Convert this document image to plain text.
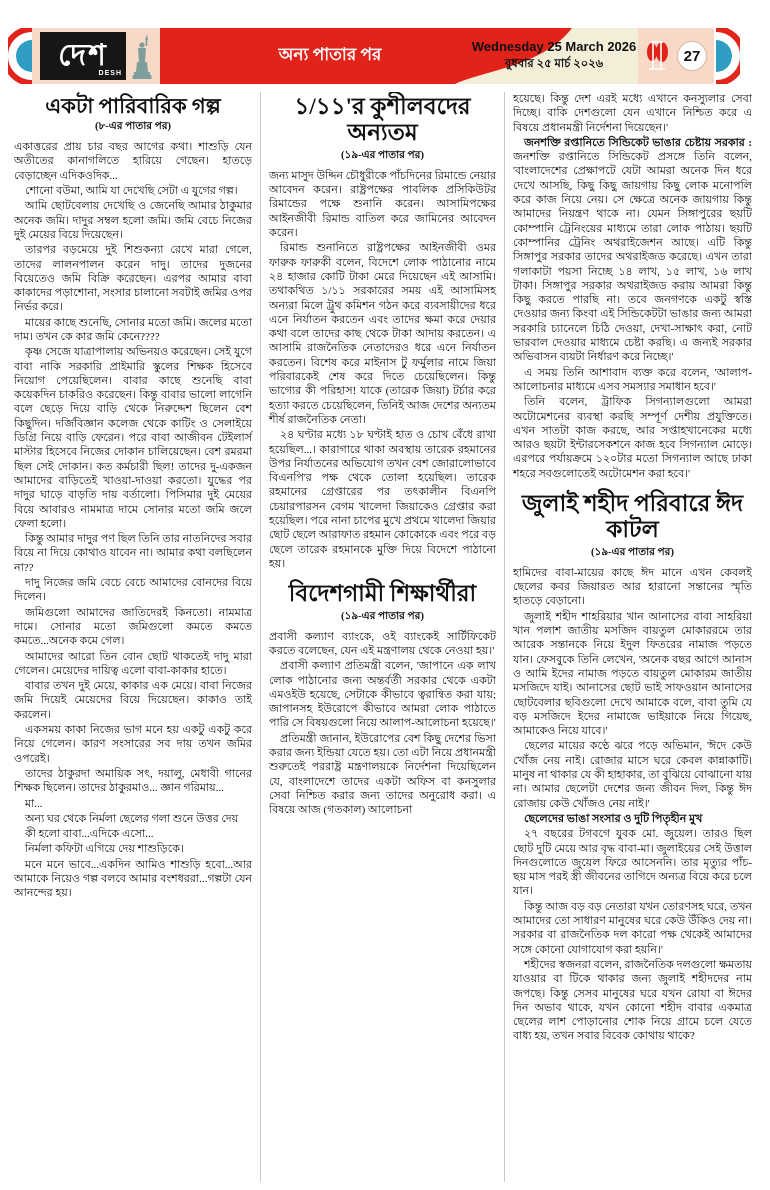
দেশ
DESH
অন্য পাতার পর	Wednesday 25 March 2026
বুধবার ২৫ মার্চ ২০২৬	27
একটা পারিবারিক গল্প
(৮-এর পাতার পর)

একাত্তরের প্রায় চার বছর আগের কথা। শাশুড়ি যেন অতীতের কানাগলিতে হারিয়ে গেছেন। হাতড়ে বেড়াচ্ছেন এদিকওদিক...

শোনো বউমা, আমি যা দেখেছি সেটা এ যুগের গল্প।

আমি ছোটবেলায় দেখেছি ও জেনেছি আমার ঠাকুমার অনেক জমি। দাদুর সম্বল হলো জমি। জমি বেচে নিজের দুই মেয়ের বিয়ে দিয়েছেন।

তারপর বড়মেয়ে দুই শিশুকন্যা রেখে মারা গেলে, তাদের লালনপালন করেন দাদু। তাদের দুজনের বিয়েতেও জমি বিক্রি করেছেন। এরপর আমার বাবা কাকাদের পড়াশোনা, সংসার চালানো সবটাই জমির ওপর নির্ভর করে।

মায়ের কাছে শুনেছি, সোনার মতো জমি। জলের মতো দাম। তখন কে কার জমি কেনে????

কৃষ্ণ সেজে যাত্রাপালায় অভিনয়ও করেছেন। সেই যুগে বাবা নাকি সরকারি প্রাইমারি স্কুলের শিক্ষক হিসেবে নিয়োগ পেয়েছিলেন। বাবার কাছে শুনেছি বাবা কয়েকদিন চাকরিও করেছেন। কিন্তু বাবার ভালো লাগেনি বলে ছেড়ে দিয়ে বাড়ি থেকে নিরুদ্দেশ ছিলেন বেশ কিছুদিন। দর্জিবিজ্ঞান কলেজ থেকে কাটিং ও সেলাইয়ে ডিগ্রি নিয়ে বাড়ি ফেরেন। পরে বাবা আজীবন টেইলার্স মাস্টার হিসেবে নিজের দোকান চালিয়েছেন। বেশ রমরমা ছিল সেই দোকান। কত কর্মচারী ছিল! তাদের দু-একজন আমাদের বাড়িতেই খাওয়া-দাওয়া করতো। যুদ্ধের পর দাদুর ঘাড়ে বাড়তি দায় বর্তালো। পিসিমার দুই মেয়ের বিয়ে আবারও নামমাত্র দামে সোনার মতো জমি জলে ফেলা হলো।

কিন্তু আমার দাদুর পণ ছিল তিনি তার নাতনিদের সবার বিয়ে না দিয়ে কোথাও যাবেন না। আমার কথা বলছিলেন না??

দাদু নিজের জমি বেচে বেচে আমাদের বোনদের বিয়ে দিলেন।

জমিগুলো আমাদের জাতিদেরই কিনতো। নামমাত্র দামে। সোনার মতো জমিগুলো কমতে কমতে কমতে...অনেক কমে গেল।

আমাদের আরো তিন বোন ছোট থাকতেই দাদু মারা গেলেন। মেয়েদের দায়িত্ব এলো বাবা-কাকার হাতে।

বাবার তখন দুই মেয়ে, কাকার এক মেয়ে। বাবা নিজের জমি দিয়েই মেয়েদের বিয়ে দিয়েছেন। কাকাও তাই করলেন।

একসময় কাকা নিজের ভাগ মনে হয় একটু একটু করে নিয়ে গেলেন। কারণ সংসারের সব দায় তখন জমির ওপরেই।

তাদের ঠাকুরদা অমায়িক সৎ, দয়ালু, মেধাবী গানের শিক্ষক ছিলেন। তাদের ঠাকুরমাও... জ্ঞান গরিমায়...

মা...

অন্য ঘর থেকে নির্মলা ছেলের গলা শুনে উত্তর দেয়

কী হলো বাবা...এদিকে এসো...

নির্মলা কফিটা এগিয়ে দেয় শাশুড়িকে।

মনে মনে ভাবে...একদিন আমিও শাশুড়ি হবো...আর আমাকে নিয়েও গল্প বলবে আমার বংশধররা...গল্পটা যেন আনন্দের হয়।

১/১১'র কুশীলবদের অন্যতম
(১৯-এর পাতার পর)

জন্য মাসুদ উদ্দিন চৌধুরীকে পাঁচদিনের রিমান্ডে নেয়ার আবেদন করেন। রাষ্ট্রপক্ষের পাবলিক প্রসিকিউটর রিমান্ডের পক্ষে শুনানি করেন। আসামিপক্ষের আইনজীবী রিমান্ড বাতিল করে জামিনের আবেদন করেন।

রিমান্ড শুনানিতে রাষ্ট্রপক্ষের আইনজীবী ওমর ফারুক ফারুকী বলেন, বিদেশে লোক পাঠানোর নামে ২৪ হাজার কোটি টাকা মেরে দিয়েছেন এই আসামি। তথাকথিত ১/১১ সরকারের সময় এই আসামিসহ অন্যরা মিলে ট্রুথ কমিশন গঠন করে ব্যবসায়ীদের ধরে এনে নির্যাতন করতেন এবং তাদের ক্ষমা করে দেয়ার কথা বলে তাদের কাছ থেকে টাকা আদায় করতেন। এ আসামি রাজনৈতিক নেতাদেরও ধরে এনে নির্যাতন করতেন। বিশেষ করে মাইনাস টু ফর্মুলার নামে জিয়া পরিবারকেই শেষ করে দিতে চেয়েছিলেন। কিন্তু ভাগ্যের কী পরিহাস! যাকে (তারেক জিয়া) টর্চার করে হত্যা করতে চেয়েছিলেন, তিনিই আজ দেশের অন্যতম শীর্ষ রাজনৈতিক নেতা।

২৪ ঘণ্টার মধ্যে ১৮ ঘণ্টাই হাত ও চোখ বেঁধে রাখা হয়েছিল...। কারাগারে থাকা অবস্থায় তারেক রহমানের উপর নির্যাতনের অভিযোগ তখন বেশ জোরালোভাবে বিএনপি'র পক্ষ থেকে তোলা হয়েছিল। তারেক রহমানের গ্রেপ্তারের পর তৎকালীন বিএনপি চেয়ারপারসন বেগম খালেদা জিয়াকেও গ্রেপ্তার করা হয়েছিল। পরে নানা চাপের মুখে প্রথমে খালেদা জিয়ার ছোট ছেলে আরাফাত রহমান কোকোকে এবং পরে বড় ছেলে তারেক রহমানকে মুক্তি দিয়ে বিদেশে পাঠানো হয়।

বিদেশগামী শিক্ষার্থীরা
(১৯-এর পাতার পর)

প্রবাসী কল্যাণ ব্যাংকে, ওই ব্যাংকেই সার্টিফিকেট করতে বলেছেন, যেন এই মন্ত্রণালয় থেকে নেওয়া হয়।'

প্রবাসী কল্যাণ প্রতিমন্ত্রী বলেন, 'জাপানে এক লাখ লোক পাঠানোর জন্য অন্তর্বর্তী সরকার থেকে একটা এমওইউ হয়েছে, সেটাকে কীভাবে ত্বরান্বিত করা যায়; জাপানসহ ইউরোপে কীভাবে আমরা লোক পাঠাতে পারি সে বিষয়গুলো নিয়ে আলাপ-আলোচনা হয়েছে।'

প্রতিমন্ত্রী জানান, ইউরোপের বেশ কিছু দেশের ভিসা করার জন্য ইন্ডিয়া যেতে হয়। তো এটা নিয়ে প্রধানমন্ত্রী শুরুতেই পররাষ্ট্র মন্ত্রণালয়কে নির্দেশনা দিয়েছিলেন যে, বাংলাদেশে তাদের একটা অফিস বা কনসুলার সেবা নিশ্চিত করার জন্য তাদের অনুরোধ করা। এ বিষয়ে আজ (গতকাল) আলোচনা

হয়েছে। কিন্তু দেশ এরই মধ্যে এখানে কনস্যুলার সেবা দিচ্ছে। বাকি দেশগুলো যেন এখানে নিশ্চিত করে এ বিষয়ে প্রধানমন্ত্রী নির্দেশনা দিয়েছেন।'

জনশক্তি রপ্তানিতে সিন্ডিকেট ভাঙার চেষ্টায় সরকার : জনশক্তি রপ্তানিতে সিন্ডিকেট প্রসঙ্গে তিনি বলেন, 'বাংলাদেশের প্রেক্ষাপটে যেটা আমরা অনেক দিন ধরে দেখে আসছি, কিছু কিছু জায়গায় কিছু লোক মনোপলি করে কাজ নিয়ে নেয়। সে ক্ষেত্রে অনেক জায়গায় কিন্তু আমাদের নিয়ন্ত্রণ থাকে না। যেমন সিঙ্গাপুরের ছয়টি কোম্পানি ট্রেনিংয়ের মাধ্যমে তারা লোক পাঠায়। ছয়টি কোম্পানির ট্রেনিং অথরাইজেশন আছে। এটি কিন্তু সিঙ্গাপুর সরকার তাদের অথরাইজড করেছে। এখন তারা গলাকাটা পয়সা নিচ্ছে ১৪ লাখ, ১৫ লাখ, ১৬ লাখ টাকা। সিঙ্গাপুর সরকার অথরাইজড করায় আমরা কিন্তু কিছু করতে পারছি না। তবে জনগণকে একটু স্বস্তি দেওয়ার জন্য কিংবা এই সিন্ডিকেটটা ভাঙার জন্য আমরা সরকারি চ্যানেলে চিঠি দেওয়া, দেখা-সাক্ষাৎ করা, নোট ভারবাল দেওয়ার মাধ্যমে চেষ্টা করছি। এ জন্যই সরকার অভিবাসন ব্যয়টা নির্ধারণ করে নিচ্ছে।'

এ সময় তিনি আশাবাদ ব্যক্ত করে বলেন, 'আলাপ-আলোচনার মাধ্যমে এসব সমস্যার সমাধান হবে।'

তিনি বলেন, ট্রাফিক সিগন্যালগুলো আমরা অটোমেশনের ব্যবস্থা করছি সম্পূর্ণ দেশীয় প্রযুক্তিতে। এখন সাতটা কাজ করছে, আর সপ্তাহখানেকের মধ্যে আরও ছয়টা ইন্টারসেকশনে কাজ হবে সিগন্যাল মোড়ে। এরপরে পর্যায়ক্রমে ১২০টার মতো সিগন্যাল আছে ঢাকা শহরে সবগুলোতেই অটোমেশন করা হবে।'

জুলাই শহীদ পরিবারে ঈদ কাটল
(১৯-এর পাতার পর)

হামিদের বাবা-মায়ের কাছে ঈদ মানে এখন কেবলই ছেলের কবর জিয়ারত আর হারানো সন্তানের স্মৃতি হাতড়ে বেড়ানো।

জুলাই শহীদ শাহরিয়ার খান আনাসের বাবা সাহরিয়া খান পলাশ জাতীয় মসজিদ বায়তুল মোকাররমে তার আরেক সন্তানকে নিয়ে ইদুল ফিতরের নামাজ পড়তে যান। ফেসবুকে তিনি লেখেন, 'অনেক বছর আগে আনাস ও আমি ইদের নামাজ পড়তে বায়তুল মোকারম জাতীয় মসজিদে যাই। আনাসের ছোট ভাই সাফওয়ান আনাসের ছোটবেলার ছবিগুলো দেখে আমাকে বলে, বাবা তুমি যে বড় মসজিদে ইদের নামাজে ভাইয়াকে নিয়ে গিয়েছ, আমাকেও নিয়ে যাবে।'

ছেলের মায়ের কণ্ঠে ঝরে পড়ে অভিমান, 'ঈদে কেউ খোঁজ নেয় নাই। রোজার মাসে ঘরে কেবল কান্নাকাটি। মানুষ না থাকার যে কী হাহাকার, তা বুঝিয়ে বোঝানো যায় না। আমার ছেলেটা দেশের জন্য জীবন দিল, কিন্তু ঈদ রোজায় কেউ খোঁজও নেয় নাই।'

ছেলেদের ভাঙা সংসার ও দুটি পিতৃহীন মুখ

২৭ বছরের টগবগে যুবক মো. জুয়েল। তারও ছিল ছোট দুটি মেয়ে আর বৃদ্ধ বাবা-মা। জুলাইয়ের সেই উত্তাল দিনগুলোতে জুয়েল ফিরে আসেননি। তার মৃত্যুর পাঁচ-ছয় মাস পরই স্ত্রী জীবনের তাগিদে অন্যত্র বিয়ে করে চলে যান।

কিন্তু আজ বড় বড় নেতারা যখন তোরণসহ ঘরে, তখন আমাদের তো সাধারণ মানুষের ঘরে কেউ উঁকিও দেয় না। সরকার বা রাজনৈতিক দল কারো পক্ষ থেকেই আমাদের সঙ্গে কোনো যোগাযোগ করা হয়নি।'

শহীদের স্বজনরা বলেন, রাজনৈতিক দলগুলো ক্ষমতায় যাওয়ার বা টিকে থাকার জন্য জুলাই শহীদদের নাম জপছে। কিন্তু সেসব মানুষের ঘরে যখন রোযা বা ঈদের দিন অভাব থাকে, যখন কোনো শহীদ বাবার একমাত্র ছেলের লাশ পোড়ানোর শোক নিয়ে গ্রামে চলে যেতে বাধ্য হয়, তখন সবার বিবেক কোথায় থাকে?
